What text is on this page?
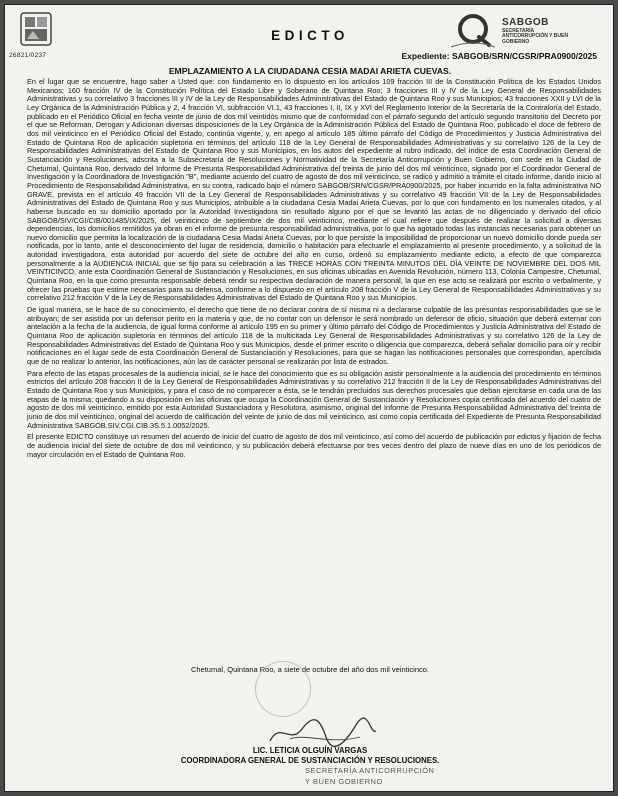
26821/0237
EDICTO
SABGOB
SECRETARÍA ANTICORRUPCIÓN Y BUEN GOBIERNO
Expediente: SABGOB/SRN/CGSR/PRA0900/2025
EMPLAZAMIENTO A LA CIUDADANA CESIA MADAI ARIETA CUEVAS.

En el lugar que se encuentre, hago saber a Usted que: con fundamento en lo dispuesto en los artículos 109 fracción III de la Constitución Política de los Estados Unidos Mexicanos; 160 fracción IV de la Constitución Política del Estado Libre y Soberano de Quintana Roo; 3 fracciones III y IV de la Ley General de Responsabilidades Administrativas y su correlativo 3 fracciones III y IV de la Ley de Responsabilidades Administrativas del Estado de Quintana Roo y sus Municipios; 43 fracciones XXII y LVI de la Ley Orgánica de la Administración Pública y 2, 4 fracción VI, subfracción VI.1, 43 fracciones I, II, IX y XVI del Reglamento Interior de la Secretaría de la Contraloría del Estado, publicado en el Periódico Oficial en fecha veinte de junio de dos mil veintidós mismo que de conformidad con el párrafo segundo del artículo segundo transitorio del Decreto por el que se Reforman, Derogan y Adicionan diversas disposiciones de la Ley Orgánica de la Administración Pública del Estado de Quintana Roo, publicado el doce de febrero de dos mil veinticinco en el Periódico Oficial del Estado, continúa vigente, y, en apego al artículo 185 último párrafo del Código de Procedimientos y Justicia Administrativa del Estado de Quintana Roo de aplicación supletoria en términos del artículo 118 de la Ley General de Responsabilidades Administrativas y su correlativo 126 de la Ley de Responsabilidades Administrativas del Estado de Quintana Roo y sus Municipios, en los autos del expediente al rubro indicado, del índice de esta Coordinación General de Sustanciación y Resoluciones, adscrita a la Subsecretaría de Resoluciones y Normatividad de la Secretaría Anticorrupción y Buen Gobierno, con sede en la Ciudad de Chetumal, Quintana Roo, derivado del Informe de Presunta Responsabilidad Administrativa del treinta de junio del dos mil veinticinco, signado por el Coordinador General de Investigación y la Coordinadora de Investigación "B", mediante acuerdo del cuatro de agosto de dos mil veinticinco, se radicó y admitió a trámite el citado informe, dando inicio al Procedimiento de Responsabilidad Administrativa, en su contra, radicado bajo el número SABGOB/SRN/CGSR/PRA0900/2025, por haber incurrido en la falta administrativa NO GRAVE, prevista en el artículo 49 fracción VII de la Ley General de Responsabilidades Administrativas y su correlativo 49 fracción VII de la Ley de Responsabilidades Administrativas del Estado de Quintana Roo y sus Municipios, atribuible a la ciudadana Cesia Madai Arieta Cuevas, por lo que con fundamento en los numerales citados, y al haberse buscado en su domicilio aportado por la Autoridad Investigadora sin resultado alguno por el que se levantó las actas de no diligenciado y derivado del oficio SABGOB/SIV/CGI/CIB/001485/IX/2025, del veinticinco de septiembre de dos mil veinticinco, mediante el cual refiere que después de realizar la solicitud a diversas dependencias, los domicilios remitidos ya obran en el informe de presunta responsabilidad administrativa, por lo que ha agotado todas las instancias necesarias para obtener un nuevo domicilio que permita la localización de la ciudadana Cesia Madai Arieta Cuevas, por lo que persiste la imposibilidad de proporcionar un nuevo domicilio donde pueda ser notificada, por lo tanto, ante el desconocimiento del lugar de residencia, domicilio o habitación para efectuarle el emplazamiento al presente procedimiento, y a solicitud de la autoridad investigadora, esta autoridad por acuerdo del siete de octubre del año en curso, ordenó su emplazamiento mediante edicto, a efecto de que comparezca personalmente a la AUDIENCIA INICIAL que se fijo para su celebración a las TRECE HORAS CON TREINTA MINUTOS DEL DÍA VEINTE DE NOVIEMBRE DEL DOS MIL VEINTICINCO, ante esta Coordinación General de Sustanciación y Resoluciones, en sus oficinas ubicadas en Avenida Revolución, número 113, Colonia Campestre, Chetumal, Quintana Roo, en la que como presunta responsable deberá rendir su respectiva declaración de manera personal, la que en ese acto se realizará por escrito o verbalmente, y ofrecer las pruebas que estime necesarias para su defensa, conforme a lo dispuesto en el artículo 208 fracción V de la Ley General de Responsabilidades Administrativas y su correlativo 212 fracción V de la Ley de Responsabilidades Administrativas del Estado de Quintana Roo y sus Municipios.

De igual manera, se le hace de su conocimiento, el derecho que tiene de no declarar contra de sí misma ni a declararse culpable de las presuntas responsabilidades que se le atribuyan; de ser asistida por un defensor perito en la materia y que, de no contar con un defensor le será nombrado un defensor de oficio, situación que deberá externar con antelación a la fecha de la audiencia, de igual forma conforme al artículo 195 en su primer y último párrafo del Código de Procedimientos y Justicia Administrativa del Estado de Quintana Roo de aplicación supletoria en términos del artículo 118 de la multicitada Ley General de Responsabilidades Administrativas y su correlativo 126 de la Ley de Responsabilidades Administrativas del Estado de Quintana Roo y sus Municipios, desde el primer escrito o diligencia que comparezca, deberá señalar domicilio para oír y recibir notificaciones en el lugar sede de esta Coordinación General de Sustanciación y Resoluciones, para que se hagan las notificaciones personales que correspondan, apercibida que de no realizar lo anterior, las notificaciones, aún las de carácter personal se realizarán por lista de estrados.

Para efecto de las etapas procesales de la audiencia inicial, se le hace del conocimiento que es su obligación asistir personalmente a la audiencia del procedimiento en términos estrictos del artículo 208 fracción II de la Ley General de Responsabilidades Administrativas y su correlativo 212 fracción II de la Ley de Responsabilidades Administrativas del Estado de Quintana Roo y sus Municipios, y para el caso de no comparecer a ésta, se le tendrán precluidos sus derechos procesales que deban ejercitarse en cada una de las etapas de la misma; quedando a su disposición en las oficinas que ocupa la Coordinación General de Sustanciación y Resoluciones copia certificada del acuerdo del cuatro de agosto de dos mil veinticinco, emitido por esta Autoridad Sustanciadora y Resolutora, asimismo, original del Informe de Presunta Responsabilidad Administrativa del treinta de junio de dos mil veinticinco, original del acuerdo de calificación del veinte de junio de dos mil veinticinco, así como copia certificada del Expediente de Presunta Responsabilidad Administrativa SABGOB.SIV.CGI.CIB.3S.5.1.0052/2025.

El presente EDICTO constituye un resumen del acuerdo de inicio del cuatro de agosto de dos mil veinticinco, así como del acuerdo de publicación por edictos y fijación de fecha de audiencia inicial del siete de octubre de dos mil veinticinco, y su publicación deberá efectuarse por tres veces dentro del plazo de nueve días en uno de los periódicos de mayor circulación en el Estado de Quintana Roo.

Chetumal, Quintana Roo, a siete de octubre del año dos mil veinticinco.
LIC. LETICIA OLGUÍN VARGAS
COORDINADORA GENERAL DE SUSTANCIACIÓN Y RESOLUCIONES.
SECRETARÍA ANTICORRUPCIÓN
Y BUEN GOBIERNO
